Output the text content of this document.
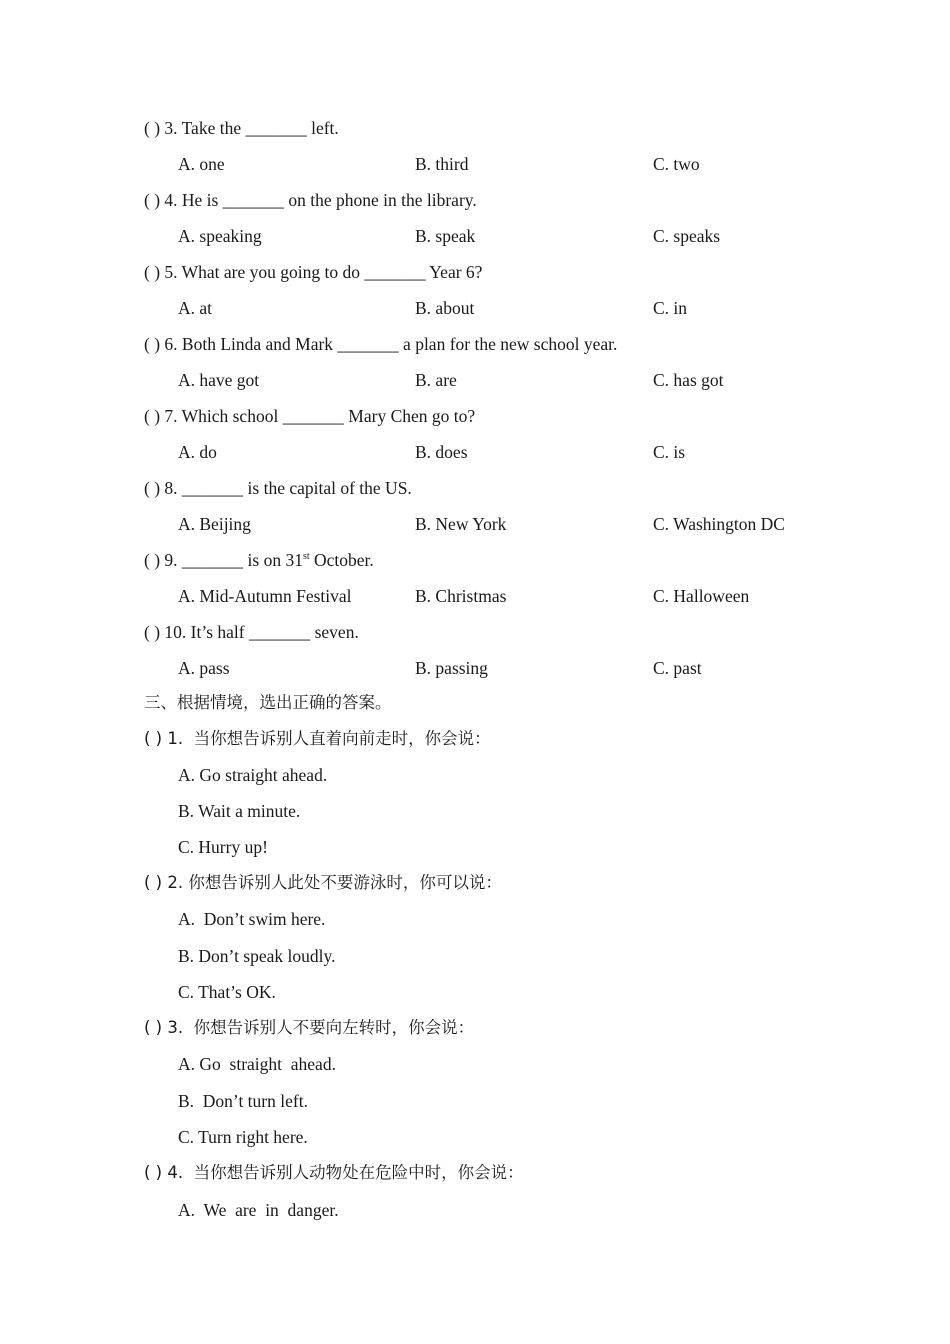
( ) 3. Take the _______ left.
A. one	B. third	C. two
( ) 4. He is _______ on the phone in the library.
A. speaking	B. speak	C. speaks
( ) 5. What are you going to do _______ Year 6?
A. at	B. about	C. in
( ) 6. Both Linda and Mark _______ a plan for the new school year.
A. have got	B. are	C. has got
( ) 7. Which school _______ Mary Chen go to?
A. do	B. does	C. is
( ) 8. _______ is the capital of the US.
A. Beijing	B. New York	C. Washington DC
( ) 9. _______ is on 31st October.
A. Mid-Autumn Festival	B. Christmas	C. Halloween
( ) 10. It’s half _______ seven.
A. pass	B. passing	C. past
三、根据情境，选出正确的答案。
( ) 1.  当你想告诉别人直着向前走时，你会说：
A. Go straight ahead.
B. Wait a minute.
C. Hurry up!
( ) 2. 你想告诉别人此处不要游泳时，你可以说：
A.  Don’t swim here.
B. Don’t speak loudly.
C. That’s OK.
( ) 3.  你想告诉别人不要向左转时，你会说：
A. Go  straight  ahead.
B.  Don’t turn left.
C. Turn right here.
( ) 4.  当你想告诉别人动物处在危险中时，你会说：
A.  We  are  in  danger.
